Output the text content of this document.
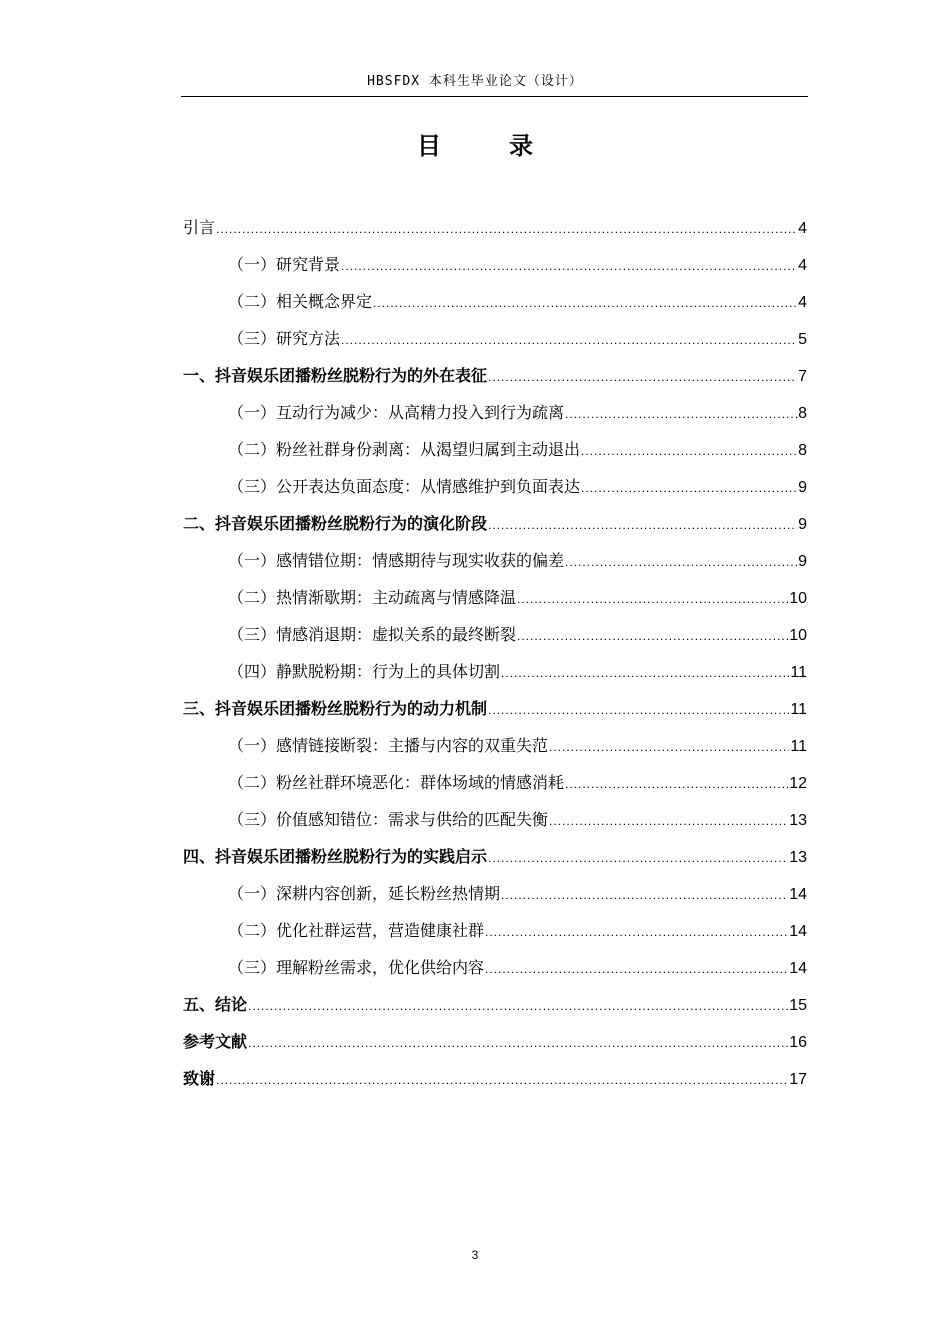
HBSFDX 本科生毕业论文（设计）
目　录
引言 .....	4
（一）研究背景 .....	4
（二）相关概念界定 .....	4
（三）研究方法 .....	5
一、抖音娱乐团播粉丝脱粉行为的外在表征 .....	7
（一）互动行为减少：从高精力投入到行为疏离 .....	8
（二）粉丝社群身份剥离：从渴望归属到主动退出 .....	8
（三）公开表达负面态度：从情感维护到负面表达 .....	9
二、抖音娱乐团播粉丝脱粉行为的演化阶段 .....	9
（一）感情错位期：情感期待与现实收获的偏差 .....	9
（二）热情渐歇期：主动疏离与情感降温 .....	10
（三）情感消退期：虚拟关系的最终断裂 .....	10
（四）静默脱粉期：行为上的具体切割 .....	11
三、抖音娱乐团播粉丝脱粉行为的动力机制 .....	11
（一）感情链接断裂：主播与内容的双重失范 .....	11
（二）粉丝社群环境恶化：群体场域的情感消耗 .....	12
（三）价值感知错位：需求与供给的匹配失衡 .....	13
四、抖音娱乐团播粉丝脱粉行为的实践启示 .....	13
（一）深耕内容创新，延长粉丝热情期 .....	14
（二）优化社群运营，营造健康社群 .....	14
（三）理解粉丝需求，优化供给内容 .....	14
五、结论 .....	15
参考文献 .....	16
致谢 .....	17
3
